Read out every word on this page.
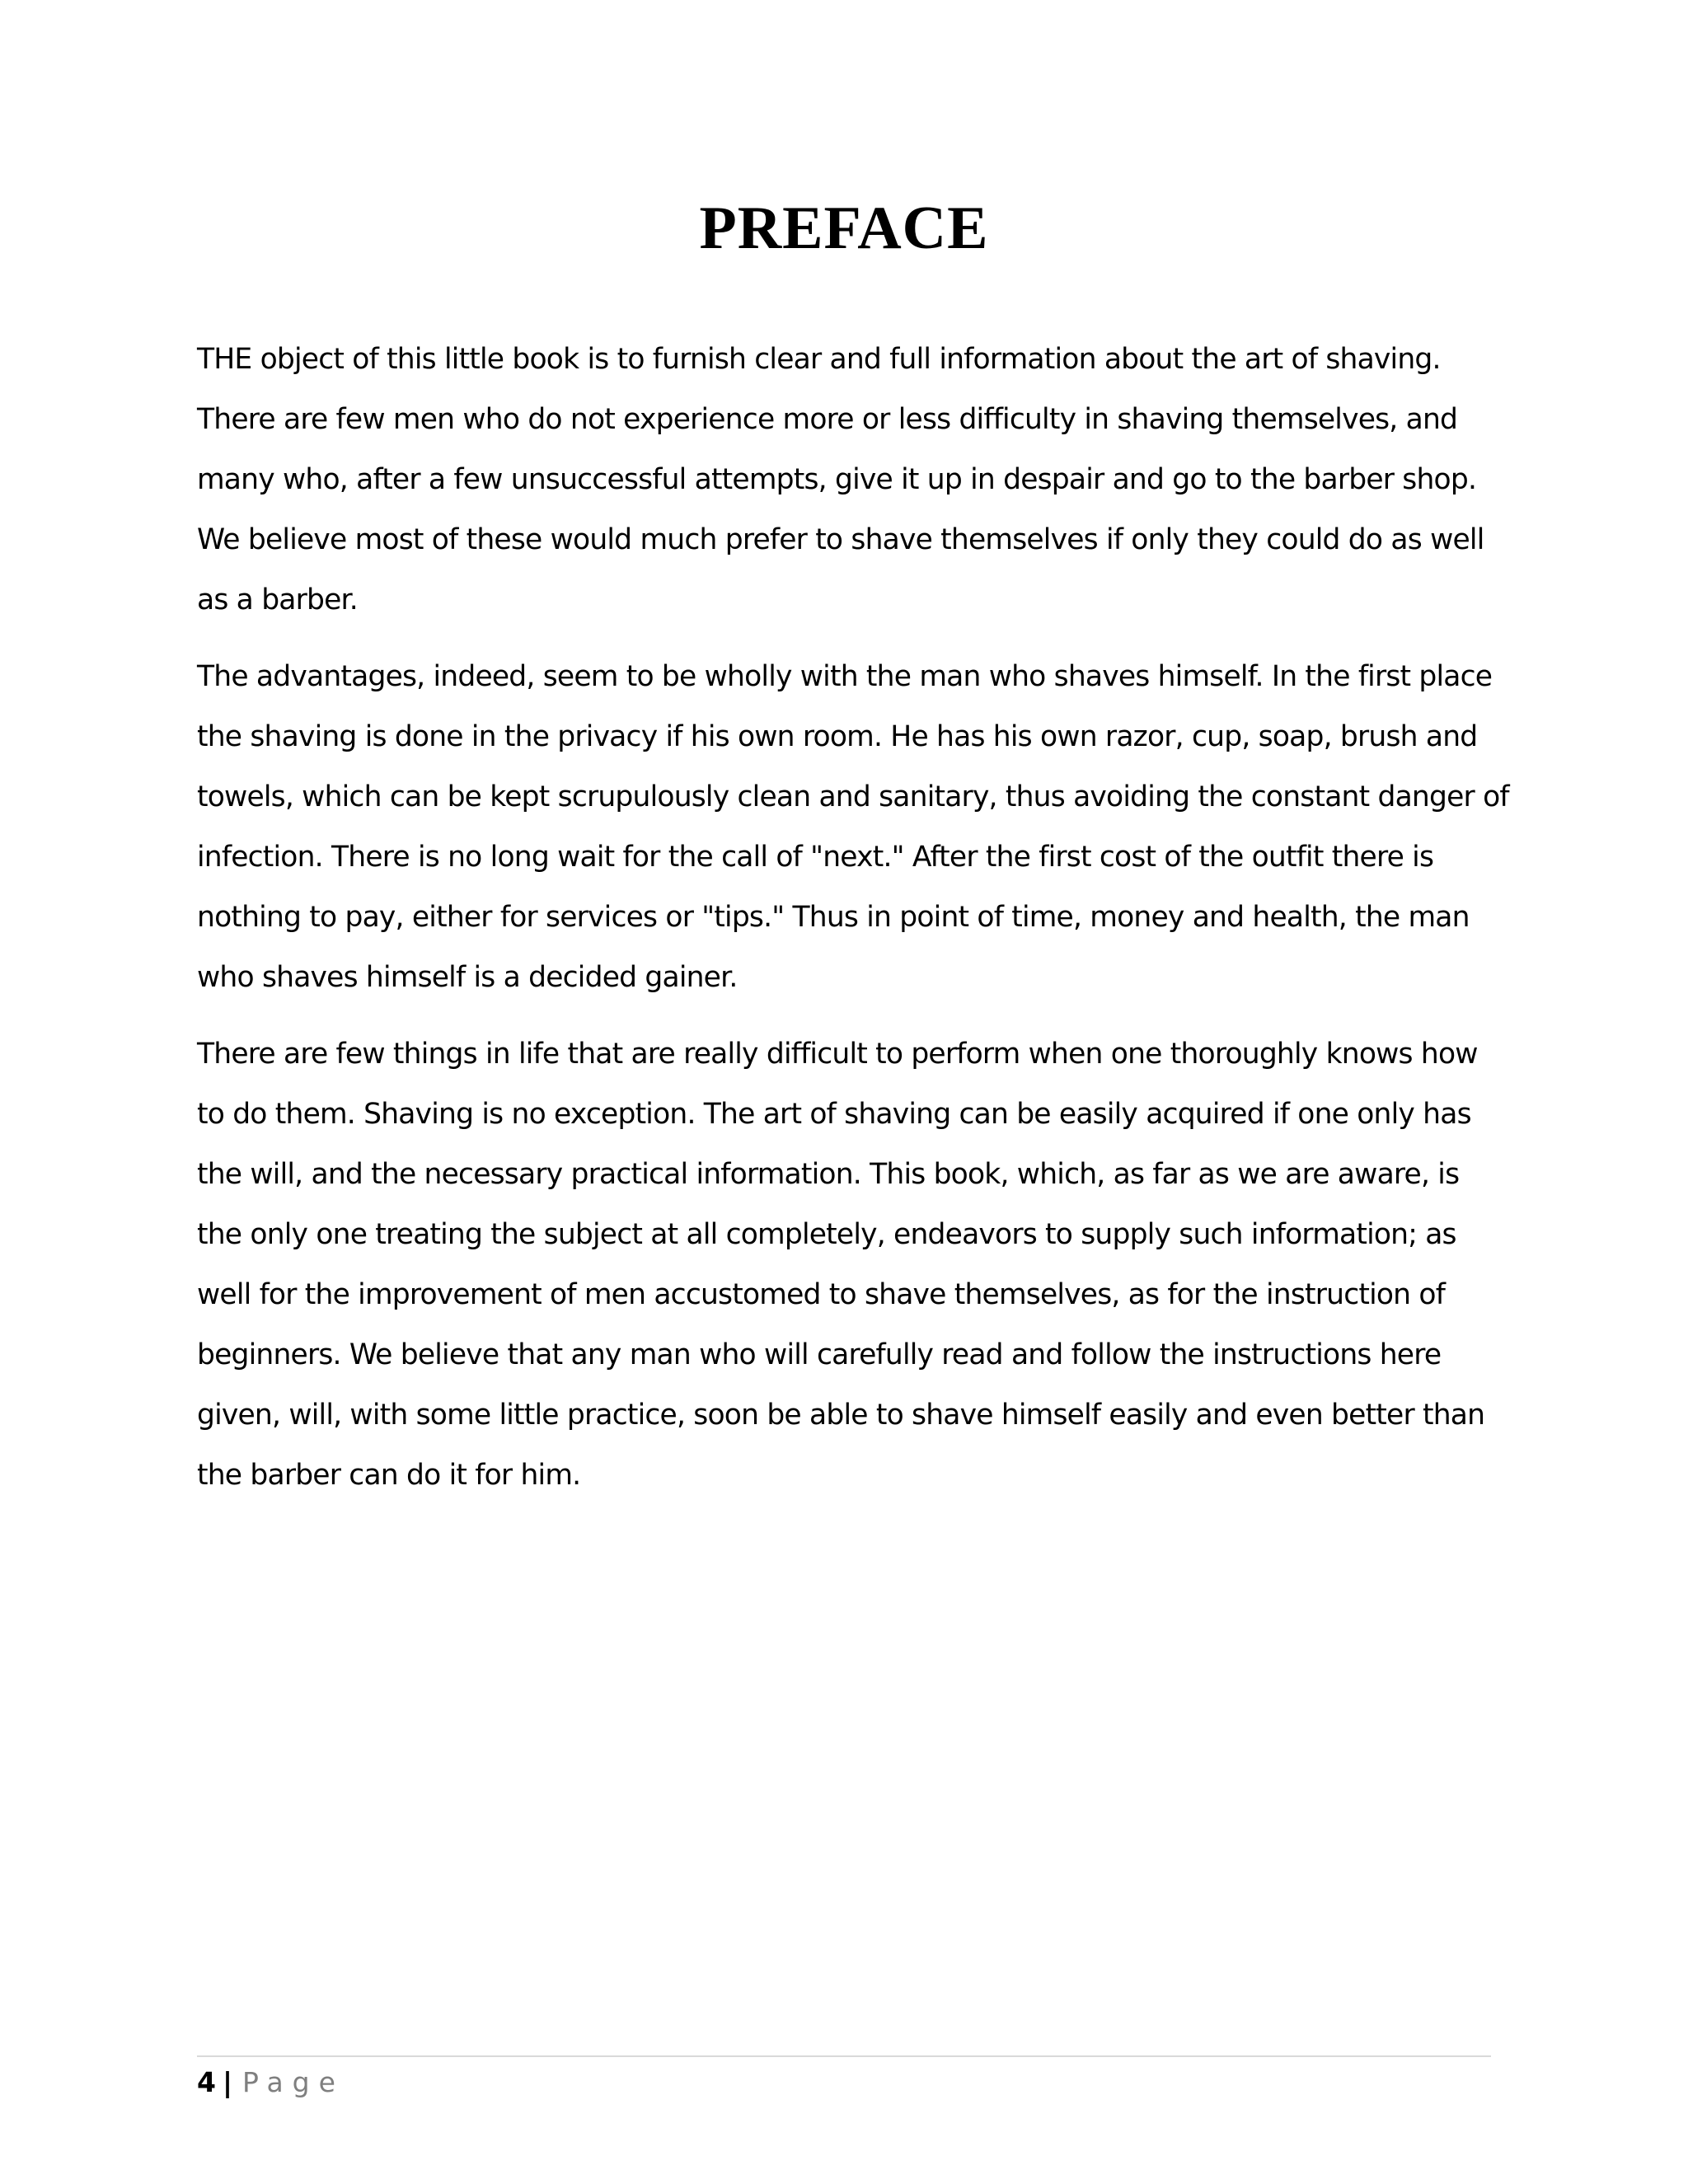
PREFACE

THE object of this little book is to furnish clear and full information about the art of shaving.
There are few men who do not experience more or less difficulty in shaving themselves, and
many who, after a few unsuccessful attempts, give it up in despair and go to the barber shop.
We believe most of these would much prefer to shave themselves if only they could do as well
as a barber.

The advantages, indeed, seem to be wholly with the man who shaves himself. In the first place
the shaving is done in the privacy if his own room. He has his own razor, cup, soap, brush and
towels, which can be kept scrupulously clean and sanitary, thus avoiding the constant danger of
infection. There is no long wait for the call of "next." After the first cost of the outfit there is
nothing to pay, either for services or "tips." Thus in point of time, money and health, the man
who shaves himself is a decided gainer.

There are few things in life that are really difficult to perform when one thoroughly knows how
to do them. Shaving is no exception. The art of shaving can be easily acquired if one only has
the will, and the necessary practical information. This book, which, as far as we are aware, is
the only one treating the subject at all completely, endeavors to supply such information; as
well for the improvement of men accustomed to shave themselves, as for the instruction of
beginners. We believe that any man who will carefully read and follow the instructions here
given, will, with some little practice, soon be able to shave himself easily and even better than
the barber can do it for him.

4 | Page
